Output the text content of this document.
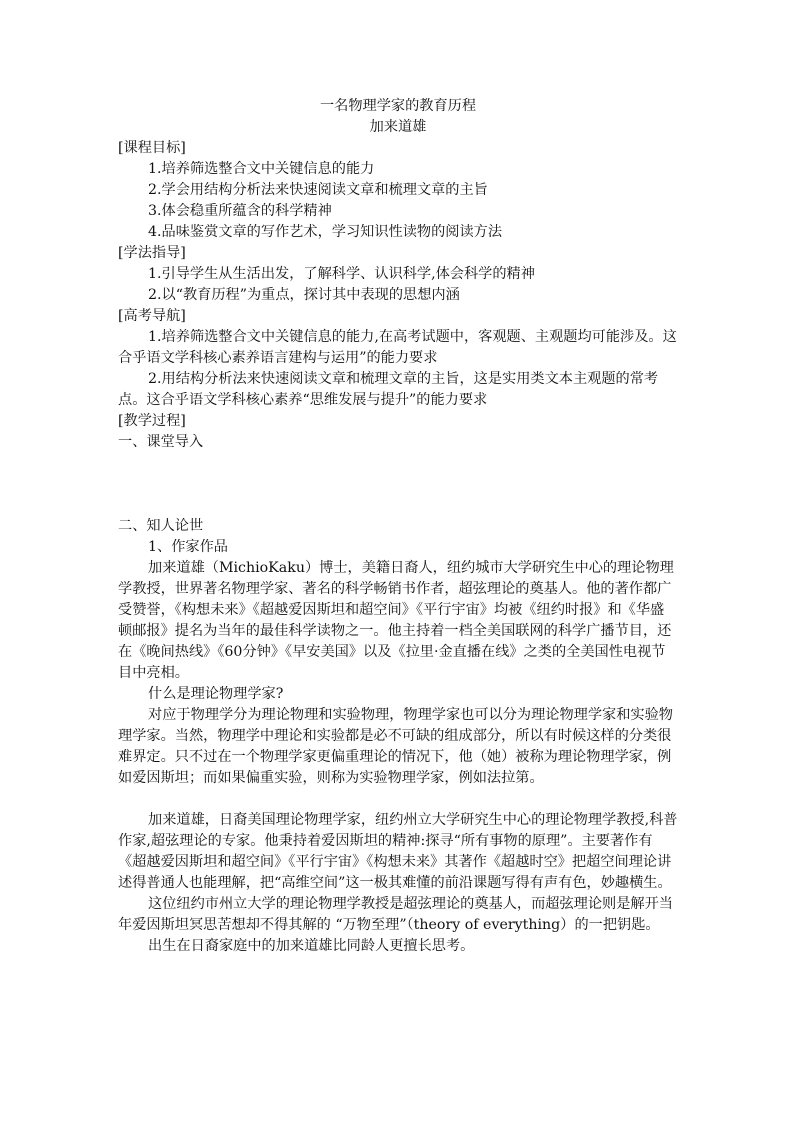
一名物理学家的教育历程

加来道雄

[课程目标]

1.培养筛选整合文中关键信息的能力

2.学会用结构分析法来快速阅读文章和梳理文章的主旨

3.体会稳重所蕴含的科学精神

4.品味鉴赏文章的写作艺术，学习知识性读物的阅读方法

[学法指导]

1.引导学生从生活出发，了解科学、认识科学,体会科学的精神

2.以“教育历程”为重点，探讨其中表现的思想内涵

[高考导航]

1.培养筛选整合文中关键信息的能力,在高考试题中，客观题、主观题均可能涉及。这合乎语文学科核心素养语言建构与运用”的能力要求

2.用结构分析法来快速阅读文章和梳理文章的主旨，这是实用类文本主观题的常考点。这合乎语文学科核心素养“思维发展与提升”的能力要求

[教学过程]

一、课堂导入

二、知人论世

1、作家作品

加来道雄（MichioKaku）博士，美籍日裔人，纽约城市大学研究生中心的理论物理学教授，世界著名物理学家、著名的科学畅销书作者，超弦理论的奠基人。他的著作都广受赞誉，《构想未来》《超越爱因斯坦和超空间》《平行宇宙》均被《纽约时报》和《华盛顿邮报》提名为当年的最佳科学读物之一。他主持着一档全美国联网的科学广播节目，还在《晚间热线》《60分钟》《早安美国》以及《拉里·金直播在线》之类的全美国性电视节目中亮相。

什么是理论物理学家?

对应于物理学分为理论物理和实验物理，物理学家也可以分为理论物理学家和实验物理学家。当然，物理学中理论和实验都是必不可缺的组成部分，所以有时候这样的分类很难界定。只不过在一个物理学家更偏重理论的情况下，他（她）被称为理论物理学家，例如爱因斯坦；而如果偏重实验，则称为实验物理学家，例如法拉第。

加来道雄，日裔美国理论物理学家，纽约州立大学研究生中心的理论物理学教授,科普作家,超弦理论的专家。他秉持着爱因斯坦的精神:探寻“所有事物的原理”。主要著作有《超越爱因斯坦和超空间》《平行宇宙》《构想未来》其著作《超越时空》把超空间理论讲述得普通人也能理解，把“高维空间”这一极其难懂的前沿课题写得有声有色，妙趣横生。

这位纽约市州立大学的理论物理学教授是超弦理论的奠基人，而超弦理论则是解开当年爱因斯坦冥思苦想却不得其解的 “万物至理”（theory of everything）的一把钥匙。

出生在日裔家庭中的加来道雄比同龄人更擅长思考。
